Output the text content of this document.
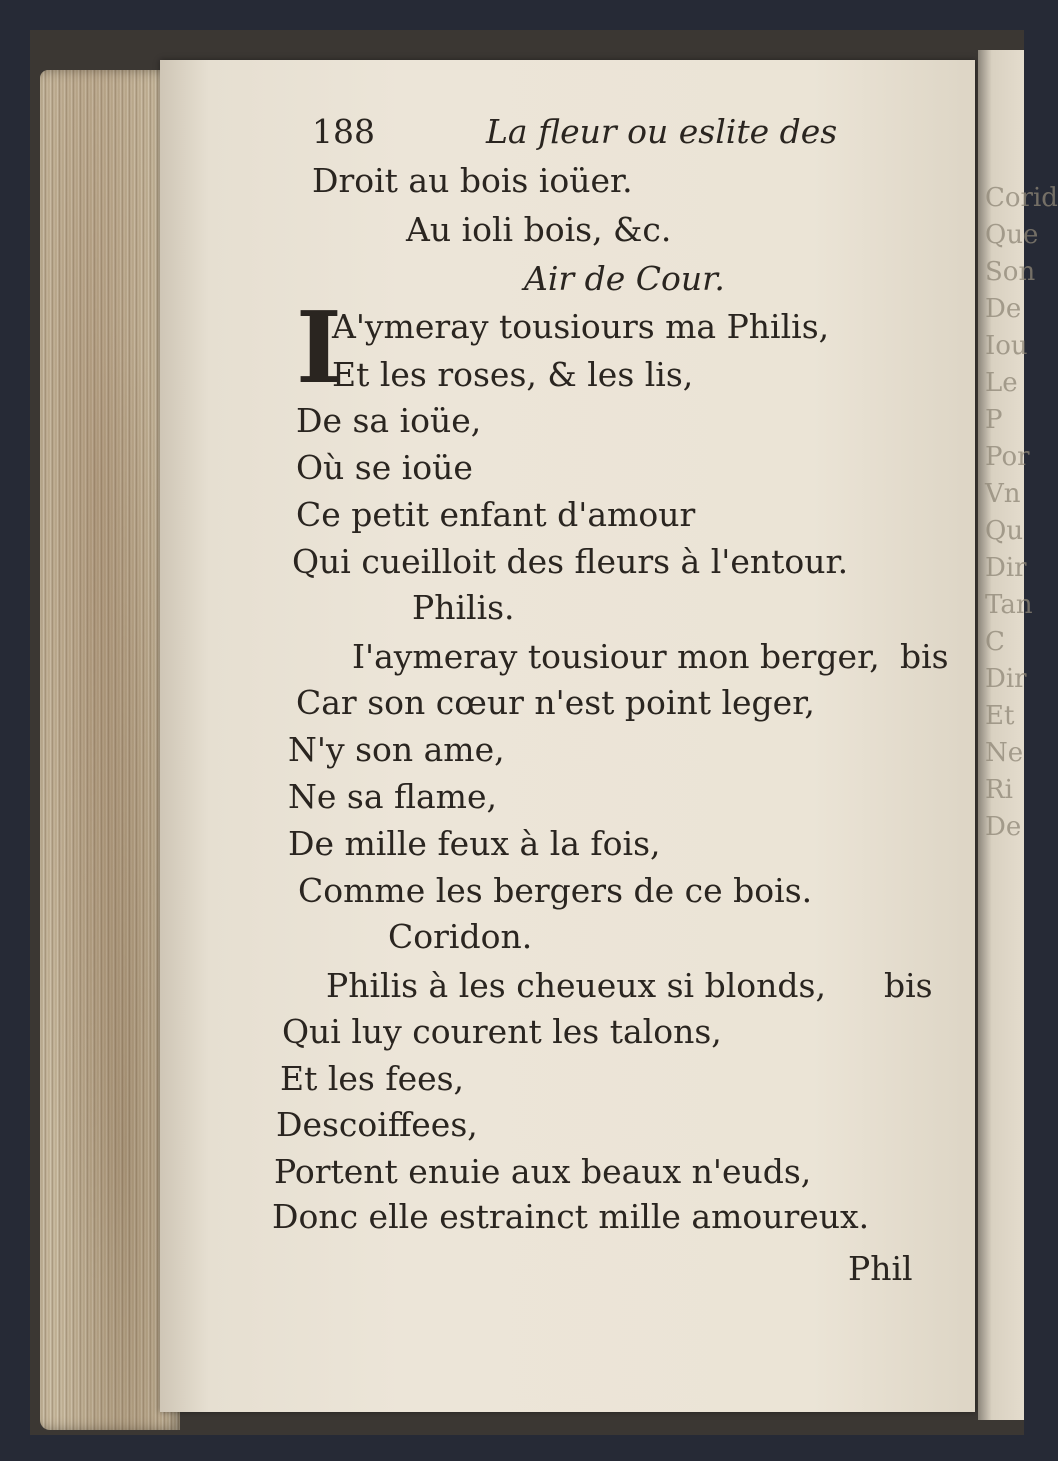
Corid
Que
Son
De
Iou
Le
P
Por
Vn
Qu
Dir
Tan
C
Dir
Et
Ne
Ri
De
188	La fleur ou eslite des
Droit au bois ioüer.
Au ioli bois, &c.
Air de Cour.
I
A'ymeray tousiours ma Philis,
Et les roses, & les lis,
De sa ioüe,
Où se ioüe
Ce petit enfant d'amour
Qui cueilloit des fleurs à l'entour.
Philis.
I'aymeray tousiour mon berger, bis
Car son cœur n'est point leger,
N'y son ame,
Ne sa flame,
De mille feux à la fois,
Comme les bergers de ce bois.
Coridon.
Philis à les cheueux si blonds, bis
Qui luy courent les talons,
Et les fees,
Descoiffees,
Portent enuie aux beaux n'euds,
Donc elle estrainct mille amoureux.
Phil
